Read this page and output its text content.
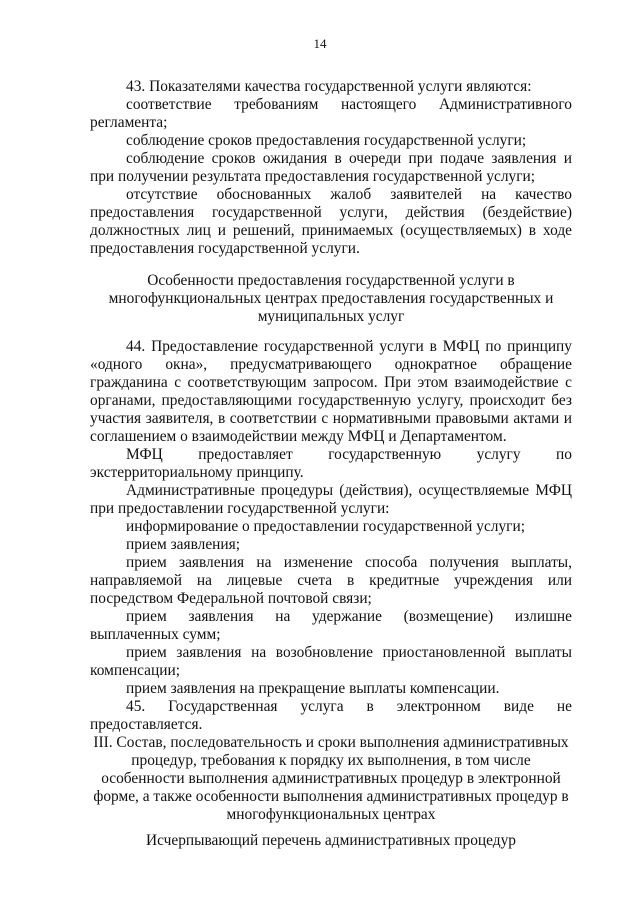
14
43. Показателями качества государственной услуги являются:
соответствие требованиям настоящего Административного регламента;
соблюдение сроков предоставления государственной услуги;
соблюдение сроков ожидания в очереди при подаче заявления и при получении результата предоставления государственной услуги;
отсутствие обоснованных жалоб заявителей на качество предоставления государственной услуги, действия (бездействие) должностных лиц и решений, принимаемых (осуществляемых) в ходе предоставления государственной услуги.
Особенности предоставления государственной услуги в многофункциональных центрах предоставления государственных и муниципальных услуг
44. Предоставление государственной услуги в МФЦ по принципу «одного окна», предусматривающего однократное обращение гражданина с соответствующим запросом. При этом взаимодействие с органами, предоставляющими государственную услугу, происходит без участия заявителя, в соответствии с нормативными правовыми актами и соглашением о взаимодействии между МФЦ и Департаментом.
МФЦ предоставляет государственную услугу по экстерриториальному принципу.
Административные процедуры (действия), осуществляемые МФЦ при предоставлении государственной услуги:
информирование о предоставлении государственной услуги;
прием заявления;
прием заявления на изменение способа получения выплаты, направляемой на лицевые счета в кредитные учреждения или посредством Федеральной почтовой связи;
прием заявления на удержание (возмещение) излишне выплаченных сумм;
прием заявления на возобновление приостановленной выплаты компенсации;
прием заявления на прекращение выплаты компенсации.
45. Государственная услуга в электронном виде не предоставляется.
III. Состав, последовательность и сроки выполнения административных процедур, требования к порядку их выполнения, в том числе особенности выполнения административных процедур в электронной форме, а также особенности выполнения административных процедур в многофункциональных центрах
Исчерпывающий перечень административных процедур
